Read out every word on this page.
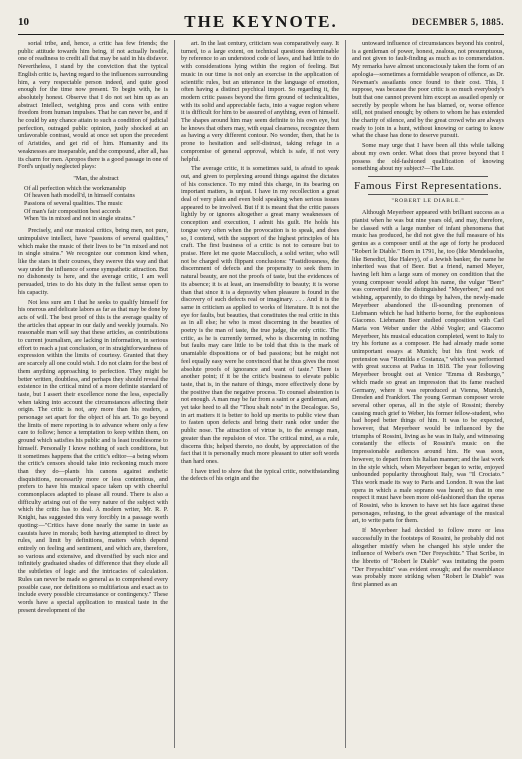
10	THE KEYNOTE.	DECEMBER 5, 1885.

sorial tribe, and, hence, a critic has few friends; the public attitude towards him being, if not actually hostile, one of readiness to credit all that may be said in his disfavor. Nevertheless, I stand by the conviction that the typical English critic is, having regard to the influences surrounding him, a very respectable person indeed, and quite good enough for the time now present. To begin with, he is absolutely honest. Observe that I do not set him up as an abstract Intellect, weighing pros and cons with entire freedom from human impulses. That he can never be, and if he could by any chance attain to such a condition of judicial perfection, outraged public opinion, justly shocked at an unfavorable contrast, would at once set upon the precedent of Aristides, and get rid of him. Humanity and its weaknesses are inseparable, and the compound, after all, has its charm for men. Apropos there is a good passage in one of Ford's unjustly neglected plays:

"Man, the abstract
Of all perfection which the workmanship
Of heaven hath modell'd, in himself contains
Passions of several qualities. The music
Of man's fair composition best accords
When 'tis in mixed and not in single strains."

Precisely, and our musical critics, being men, not pure, unimpulsive intellect, have "passions of several qualities," which make the music of their lives to be "in mixed and not in single strains." We recognize our common kind when, like the stars in their courses, they swerve this way and that way under the influence of some sympathetic attraction. But no dishonesty is here, and the average critic, I am well persuaded, tries to do his duty in the fullest sense open to his capacity.

Not less sure am I that he seeks to qualify himself for his onerous and delicate labors as far as that may be done by acts of will. The best proof of this is the average quality of the articles that appear in our daily and weekly journals. No reasonable man will say that these articles, as contributions to current journalism, are lacking in information, in serious effort to reach a just conclusion, or in straightforwardness of expression within the limits of courtesy. Granted that they are scarcely all one could wish. I do not claim for the best of them anything approaching to perfection. They might be better written, doubtless, and perhaps they should reveal the existence in the critical mind of a more definite standard of taste, but I assert their excellence none the less, especially when taking into account the circumstances affecting their origin. The critic is not, any more than his readers, a personage set apart for the object of his art. To go beyond the limits of mere reporting is to advance where only a few care to follow; hence a temptation to keep within them, on ground which satisfies his public and is least troublesome to himself. Personally I know nothing of such conditions, but it sometimes happens that the critic's editor—a being whom the critic's censors should take into reckoning much more than they do—plants his canons against æsthetic disquisitions, necessarily more or less contentious, and prefers to have his musical space taken up with cheerful commonplaces adapted to please all round. There is also a difficulty arising out of the very nature of the subject with which the critic has to deal. A modern writer, Mr. R. P. Knight, has suggested this very forcibly in a passage worth quoting:—"Critics have done nearly the same in taste as casuists have in morals; both having attempted to direct by rules, and limit by definitions, matters which depend entirely on feeling and sentiment, and which are, therefore, so various and extensive, and diversified by such nice and infinitely graduated shades of difference that they elude all the subtleties of logic and the intricacies of calculation. Rules can never be made so general as to comprehend every possible case, nor definitions so multifarious and exact as to include every possible circumstance or contingency." These words have a special application to musical taste in the present development of the

art. In the last century, criticism was comparatively easy. It turned, to a large extent, on technical questions determinable by reference to an understood code of laws, and had little to do with considerations lying within the region of feeling. But music in our time is not only an exercise in the application of scientific rules, but an utterance in the language of emotion, often having a distinct psychical import. So regarding it, the modern critic passes beyond the firm ground of technicalities, with its solid and appreciable facts, into a vague region where it is difficult for him to be assured of anything, even of himself. The shapes around him may seem definite to his own eye, but he knows that others may, with equal clearness, recognize them as having a very different contour. No wonder, then, that he is prone to hesitation and self-distrust, taking refuge in a compromise of general approval, which is safe, if not very helpful.

The average critic, it is sometimes said, is afraid to speak out, and given to perplexing around things against the dictates of his conscience. To my mind this charge, in its bearing on important matters, is unjust. I have in my recollection a great deal of very plain and even bold speaking when serious issues appeared to be involved. But if it is meant that the critic passes lightly by or ignores altogether a great many weaknesses of conception and execution, I admit his guilt. He holds his tongue very often when the provocation is to speak, and does so, I contend, with the support of the highest principles of his craft. The first business of a critic is not to censure but to praise. Here let me quote Macculloch, a solid writer, who will not be charged with flippant conclusions: "Fastidiousness, the discernment of defects and the propensity to seek them in natural beauty, are not the proofs of taste, but the evidences of its absence; it is at least, an insensibility to beauty; it is worse than that since it is a depravity when pleasure is found in the discovery of such defects real or imaginary. . . . And it is the same in criticism as applied to works of literature. It is not the eye for faults, but beauties, that constitutes the real critic in this as in all else; he who is most discerning in the beauties of poetry is the man of taste, the true judge, the only critic. The critic, as he is currently termed, who is discerning in nothing but faults may care little to be told that this is the mark of unamiable dispositions or of bad passions; but he might not feel equally easy were he convinced that he thus gives the most absolute proofs of ignorance and want of taste." There is another point; if it be the critic's business to elevate public taste, that is, in the nature of things, more effectively done by the positive than the negative process. To counsel abstention is not enough. A man may be far from a saint or a gentleman, and yet take heed to all the "Thou shalt nots" in the Decalogue. So, in art matters it is better to hold up merits to public view than to fasten upon defects and bring their rank odor under the public nose. The attraction of virtue is, to the average man, greater than the repulsion of vice. The critical mind, as a rule, discerns this; helped thereto, no doubt, by appreciation of the fact that it is personally much more pleasant to utter soft words than hard ones.

I have tried to show that the typical critic, notwithstanding the defects of his origin and the

untoward influence of circumstances beyond his control, is a gentleman of power, honest, zealous, not presumptuous, and not given to fault-finding as much as to commendation. My remarks have almost unconsciously taken the form of an apologia—sometimes a formidable weapon of offence, as Dr. Newman's assailants once found to their cost. This, I suppose, was because the poor critic is so much everybody's butt that one cannot prevent him except as assailed openly or secretly by people whom he has blamed, or, worse offence still, not praised enough; by others to whom he has extended the charity of silence, and by the great crowd who are always ready to join in a hunt, without knowing or caring to know what the chase has done to deserve pursuit.

Some may urge that I have been all this while talking about my own order. What does that prove beyond that I possess the old-fashioned qualification of knowing something about my subject?—The Lute.

Famous First Representations.
"ROBERT LE DIABLE."

Although Meyerbeer appeared with brilliant success as a pianist when he was but nine years old, and may, therefore, be classed with a large number of infant phenomena that music has produced, he did not give the full measure of his genius as a composer until at the age of forty he produced "Robert le Diable." Born in 1791, he, too (like Mendelssohn, like Benedict, like Halevy), of a Jewish banker, the name he inherited was that of Beer. But a friend, named Meyer, having left him a large sum of money on condition that the young composer would adopt his name, the vulgar "Beer" was converted into the distinguished "Meyerbeer," and not wishing, apparently, to do things by halves, the newly-made Meyerbeer abandoned the ill-sounding prenomen of Liebmann which he had hitherto borne, for the euphonious Giacomo. Liebmann Beer studied composition with Carl Maria von Weber under the Abbé Vogler; and Giacomo Meyerbeer, his musical education completed, went to Italy to try his fortune as a composer. He had already made some unimportant essays at Munich; but his first work of pretension was "Romilda e Costanza," which was performed with great success at Padua in 1818. The year following Meyerbeer brought out at Venice "Emma di Resburgo," which made so great an impression that its fame reached Germany, where it was reproduced at Vienna, Munich, Dresden and Frankfort. The young German composer wrote several other operas, all in the style of Rossini; thereby causing much grief to Weber, his former fellow-student, who had hoped better things of him. It was to be expected, however, that Meyerbeer would be influenced by the triumphs of Rossini, living as he was in Italy, and witnessing constantly the effects of Rossini's music on the impressionable audiences around him. He was soon, however, to depart from his Italian manner; and the last work in the style which, when Meyerbeer began to write, enjoyed unbounded popularity throughout Italy, was "Il Crociato." This work made its way to Paris and London. It was the last opera in which a male soprano was heard; so that in one respect it must have been more old-fashioned than the operas of Rossini, who is known to have set his face against these personages, refusing, to the great advantage of the musical art, to write parts for them.

If Meyerbeer had decided to follow more or less successfully in the footsteps of Rossini, he probably did not altogether mistify when he changed his style under the influence of Weber's own "Der Freyschütz." That Scribe, in the libretto of "Robert le Diable" was imitating the poem "Der Freyschütz" was evident enough; and the resemblance was probably more striking when "Robert le Diable" was first planned as an
